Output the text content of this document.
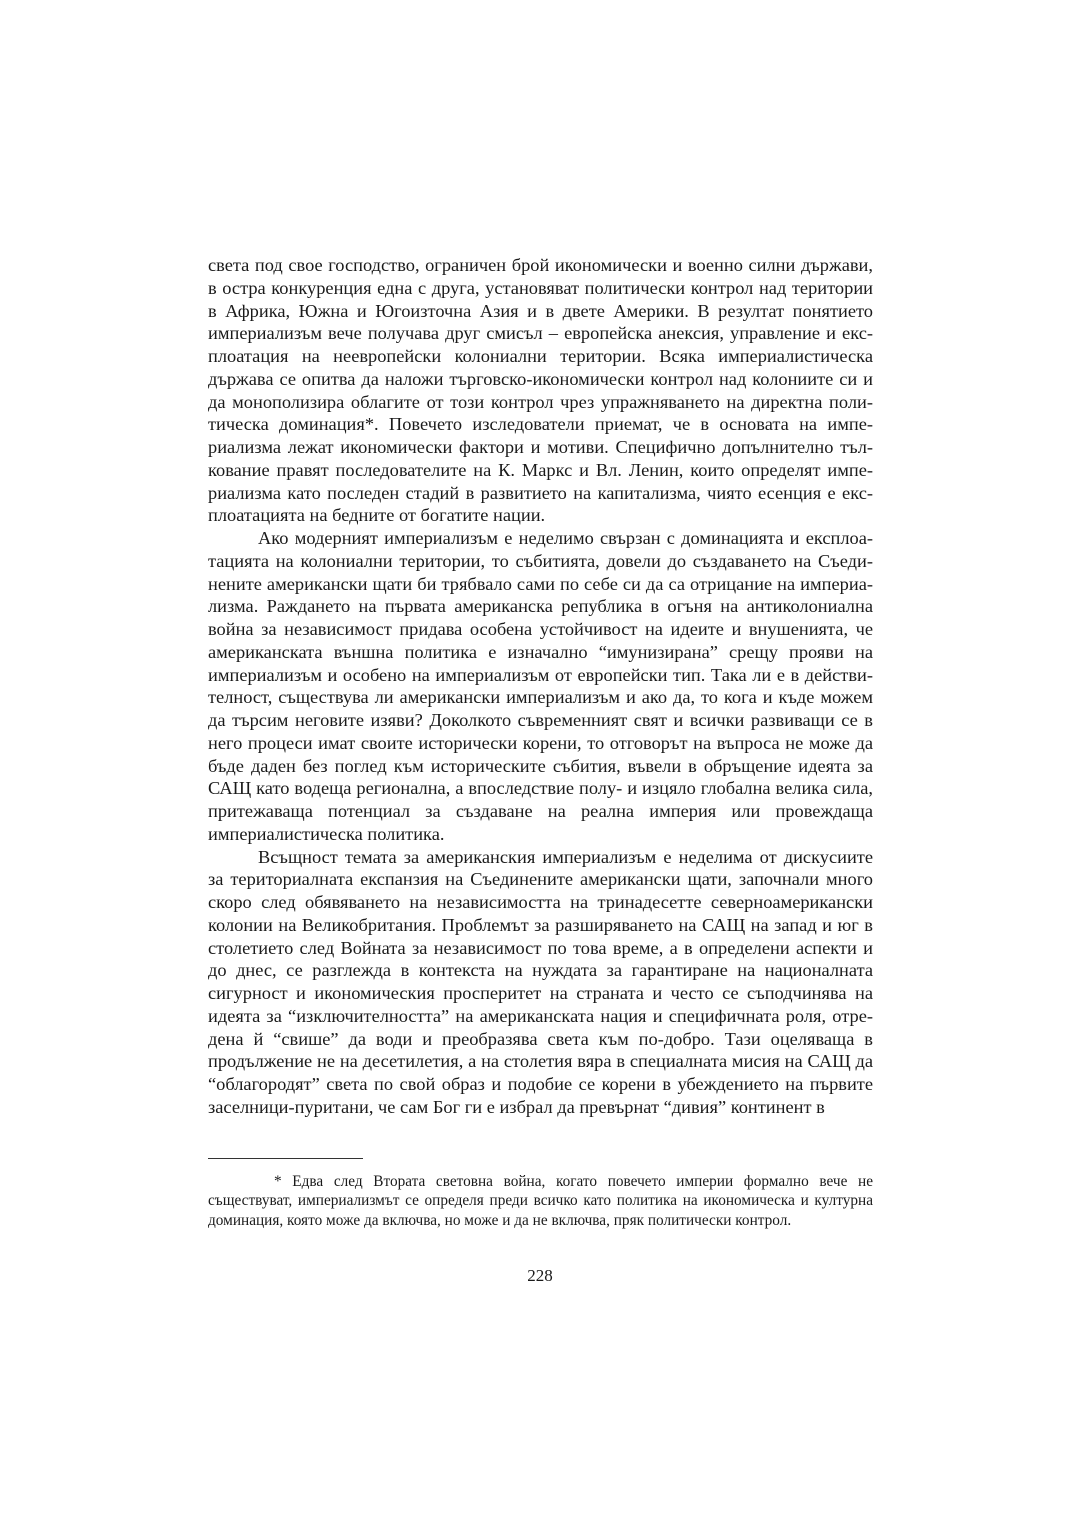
света под свое господство, ограничен брой икономически и военно силни държави, в остра конкуренция една с друга, установяват политически контрол над територии в Африка, Южна и Югоизточна Азия и в двете Америки. В резултат понятието империализъм вече получава друг смисъл – европейска анексия, управление и експлоатация на неевропейски колониални територии. Всяка империалистическа държава се опитва да наложи търговско-икономически контрол над колониите си и да монополизира облагите от този контрол чрез упражняването на директна политическа доминация*. Повечето изследователи приемат, че в основата на империализма лежат икономически фактори и мотиви. Специфично допълнително тълкование правят последователите на К. Маркс и Вл. Ленин, които определят империализма като последен стадий в развитието на капитализма, чиято есенция е експлоатацията на бедните от богатите нации.

Ако модерният империализъм е неделимо свързан с доминацията и експлоатацията на колониални територии, то събитията, довели до създаването на Съединените американски щати би трябвало сами по себе си да са отрицание на империализма. Раждането на първата американска република в огъня на антиколониална война за независимост придава особена устойчивост на идеите и внушенията, че американската външна политика е изначално “имунизирана” срещу прояви на империализъм и особено на империализъм от европейски тип. Така ли е в действителност, съществува ли американски империализъм и ако да, то кога и къде можем да търсим неговите изяви? Доколкото съвременният свят и всички развиващи се в него процеси имат своите исторически корени, то отговорът на въпроса не може да бъде даден без поглед към историческите събития, въвели в обръщение идеята за САЩ като водеща регионална, а впоследствие полу- и изцяло глобална велика сила, притежаваща потенциал за създаване на реална империя или провеждаща империалистическа политика.

Всъщност темата за американския империализъм е неделима от дискусиите за териториалната експанзия на Съединените американски щати, започнали много скоро след обявяването на независимостта на тринадесетте северноамерикански колонии на Великобритания. Проблемът за разширяването на САЩ на запад и юг в столетието след Войната за независимост по това време, а в определени аспекти и до днес, се разглежда в контекста на нуждата за гарантиране на националната сигурност и икономическия просперитет на страната и често се съподчинява на идеята за “изключителността” на американската нация и специфичната роля, отредена й “свише” да води и преобразява света към по-добро. Тази оцеляваща в продължение не на десетилетия, а на столетия вяра в специалната мисия на САЩ да “облагородят” света по свой образ и подобие се корени в убеждението на първите заселници-пуритани, че сам Бог ги е избрал да превърнат “дивия” континент в

* Едва след Втората световна война, когато повечето империи формално вече не съществуват, империализмът се определя преди всичко като политика на икономическа и културна доминация, която може да включва, но може и да не включва, пряк политически контрол.

228
